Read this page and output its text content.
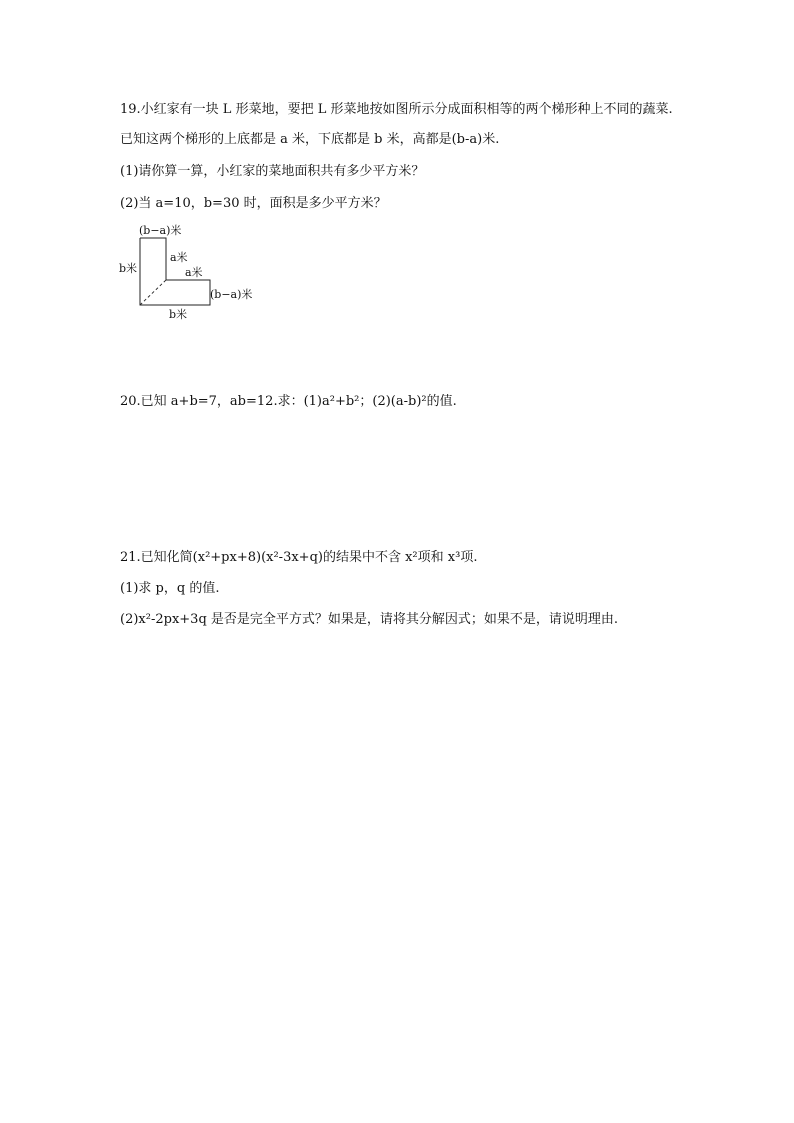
19.小红家有一块 L 形菜地，要把 L 形菜地按如图所示分成面积相等的两个梯形种上不同的蔬菜.
已知这两个梯形的上底都是 a 米，下底都是 b 米，高都是(b-a)米.
(1)请你算一算，小红家的菜地面积共有多少平方米？
(2)当 a=10，b=30 时，面积是多少平方米？
(b−a)米
a米
a米
(b−a)米
b米
b米
20.已知 a+b=7，ab=12.求：(1)a²+b²；(2)(a-b)²的值.
21.已知化简(x²+px+8)(x²-3x+q)的结果中不含 x²项和 x³项.
(1)求 p，q 的值.
(2)x²-2px+3q 是否是完全平方式？如果是，请将其分解因式；如果不是，请说明理由.
